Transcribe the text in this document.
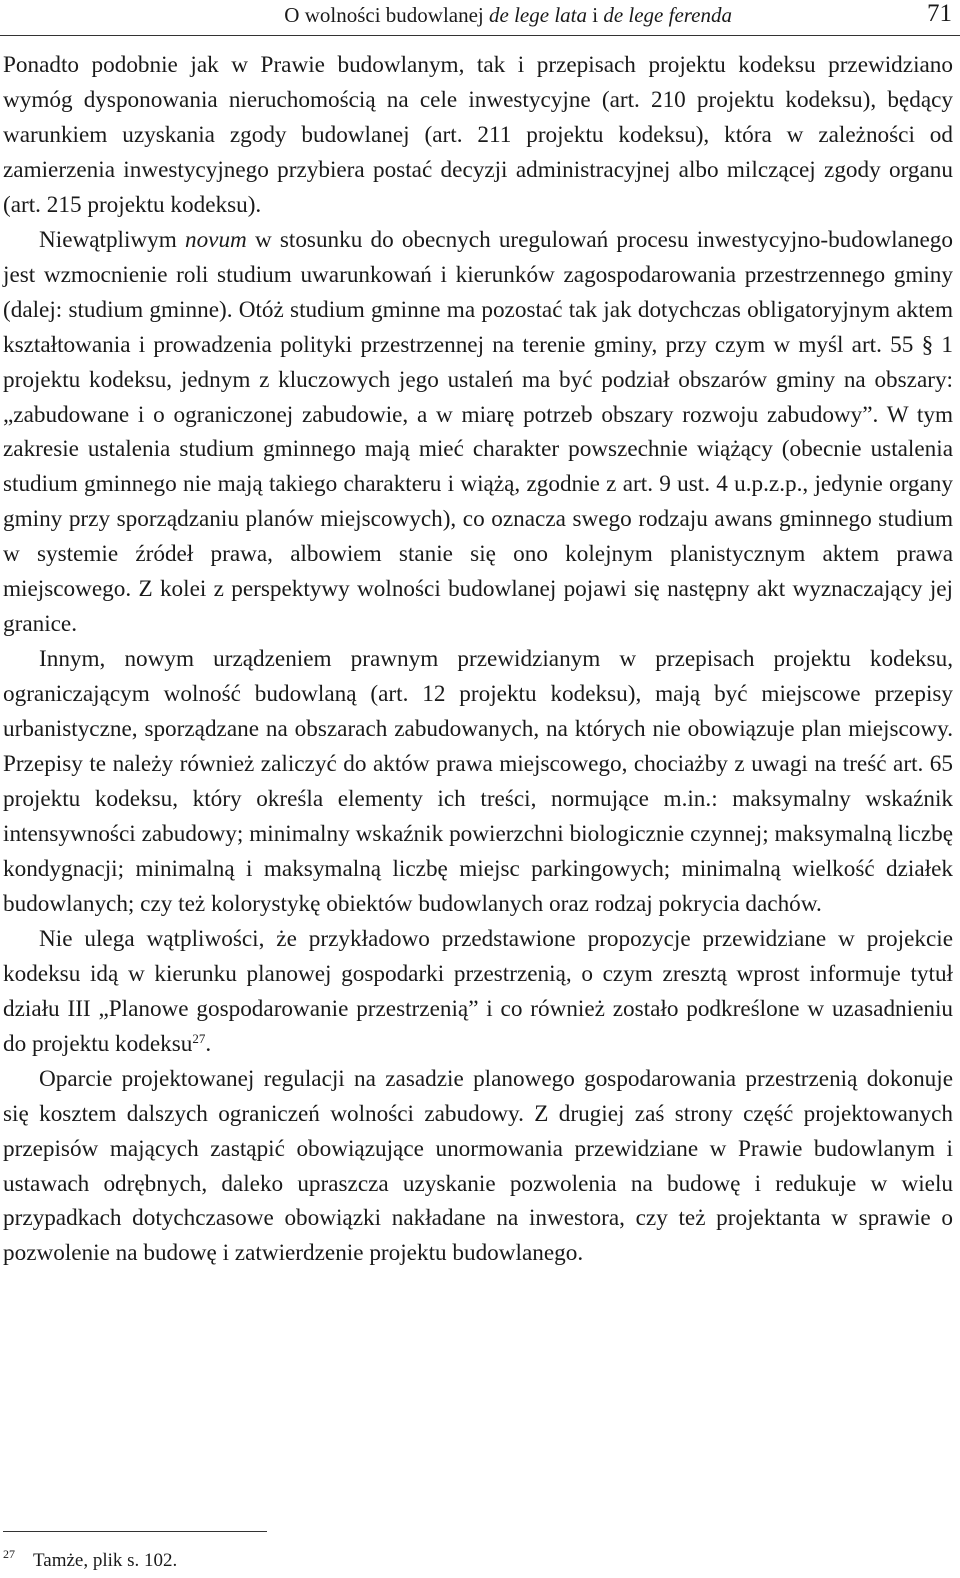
O wolności budowlanej de lege lata i de lege ferenda	71

Ponadto podobnie jak w Prawie budowlanym, tak i przepisach projektu kodeksu przewidziano wymóg dysponowania nieruchomością na cele inwestycyjne (art. 210 projektu kodeksu), będący warunkiem uzyskania zgody budowlanej (art. 211 projektu kodeksu), która w zależności od zamierzenia inwestycyjnego przybiera postać decyzji administracyjnej albo milczącej zgody organu (art. 215 projektu kodeksu).

Niewątpliwym novum w stosunku do obecnych uregulowań procesu inwestycyjno-budowlanego jest wzmocnienie roli studium uwarunkowań i kierunków zagospodarowania przestrzennego gminy (dalej: studium gminne). Otóż studium gminne ma pozostać tak jak dotychczas obligatoryjnym aktem kształtowania i prowadzenia polityki przestrzennej na terenie gminy, przy czym w myśl art. 55 § 1 projektu kodeksu, jednym z kluczowych jego ustaleń ma być podział obszarów gminy na obszary: „zabudowane i o ograniczonej zabudowie, a w miarę potrzeb obszary rozwoju zabudowy”. W tym zakresie ustalenia studium gminnego mają mieć charakter powszechnie wiążący (obecnie ustalenia studium gminnego nie mają takiego charakteru i wiążą, zgodnie z art. 9 ust. 4 u.p.z.p., jedynie organy gminy przy sporządzaniu planów miejscowych), co oznacza swego rodzaju awans gminnego studium w systemie źródeł prawa, albowiem stanie się ono kolejnym planistycznym aktem prawa miejscowego. Z kolei z perspektywy wolności budowlanej pojawi się następny akt wyznaczający jej granice.

Innym, nowym urządzeniem prawnym przewidzianym w przepisach projektu kodeksu, ograniczającym wolność budowlaną (art. 12 projektu kodeksu), mają być miejscowe przepisy urbanistyczne, sporządzane na obszarach zabudowanych, na których nie obowiązuje plan miejscowy. Przepisy te należy również zaliczyć do aktów prawa miejscowego, chociażby z uwagi na treść art. 65 projektu kodeksu, który określa elementy ich treści, normujące m.in.: maksymalny wskaźnik intensywności zabudowy; minimalny wskaźnik powierzchni biologicznie czynnej; maksymalną liczbę kondygnacji; minimalną i maksymalną liczbę miejsc parkingowych; minimalną wielkość działek budowlanych; czy też kolorystykę obiektów budowlanych oraz rodzaj pokrycia dachów.

Nie ulega wątpliwości, że przykładowo przedstawione propozycje przewidziane w projekcie kodeksu idą w kierunku planowej gospodarki przestrzenią, o czym zresztą wprost informuje tytuł działu III „Planowe gospodarowanie przestrzenią” i co również zostało podkreślone w uzasadnieniu do projektu kodeksu$^{27}$.

Oparcie projektowanej regulacji na zasadzie planowego gospodarowania przestrzenią dokonuje się kosztem dalszych ograniczeń wolności zabudowy. Z drugiej zaś strony część projektowanych przepisów mających zastąpić obowiązujące unormowania przewidziane w Prawie budowlanym i ustawach odrębnych, daleko upraszcza uzyskanie pozwolenia na budowę i redukuje w wielu przypadkach dotychczasowe obowiązki nakładane na inwestora, czy też projektanta w sprawie o pozwolenie na budowę i zatwierdzenie projektu budowlanego.

27 Tamże, plik s. 102.
